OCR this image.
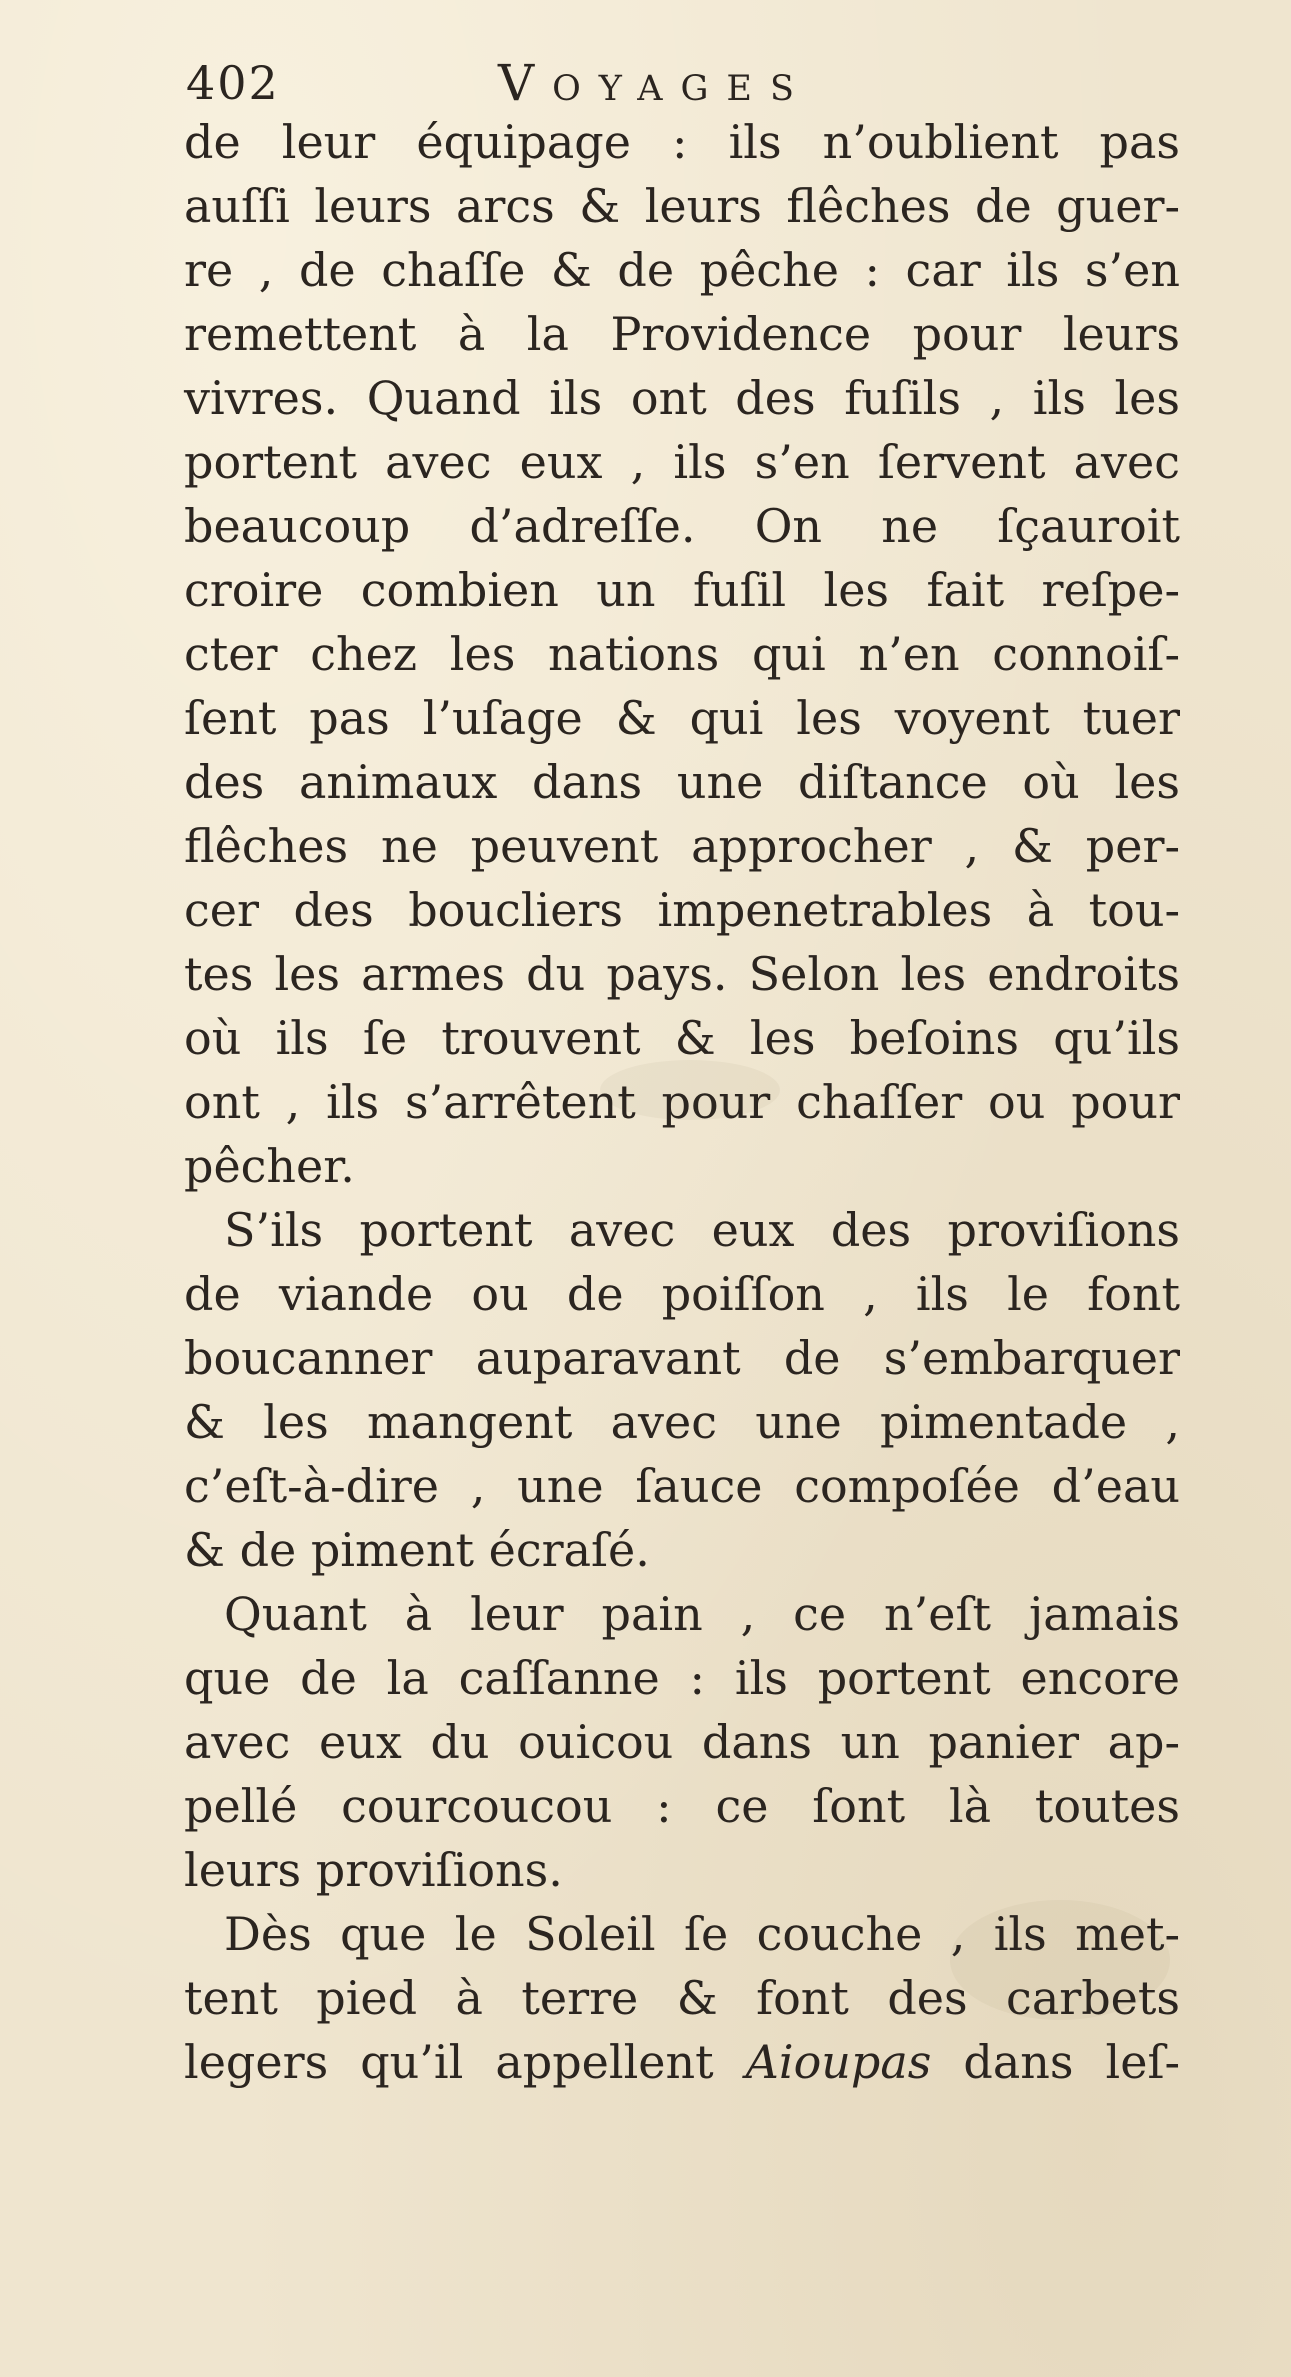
402	Voyages
de leur équipage : ils n’oublient pas
auſſi leurs arcs & leurs flêches de guer-
re , de chaſſe & de pêche : car ils s’en
remettent à la Providence pour leurs
vivres. Quand ils ont des fuſils , ils les
portent avec eux , ils s’en ſervent avec
beaucoup d’adreſſe. On ne ſçauroit
croire combien un fuſil les fait reſpe-
cter chez les nations qui n’en connoiſ-
ſent pas l’uſage & qui les voyent tuer
des animaux dans une diſtance où les
flêches ne peuvent approcher , & per-
cer des boucliers impenetrables à tou-
tes les armes du pays. Selon les endroits
où ils ſe trouvent & les beſoins qu’ils
ont , ils s’arrêtent pour chaſſer ou pour
pêcher.
S’ils portent avec eux des proviſions
de viande ou de poiſſon , ils le font
boucanner auparavant de s’embarquer
& les mangent avec une pimentade ,
c’eſt-à-dire , une ſauce compoſée d’eau
& de piment écraſé.
Quant à leur pain , ce n’eſt jamais
que de la caſſanne : ils portent encore
avec eux du ouicou dans un panier ap-
pellé courcoucou : ce ſont là toutes
leurs proviſions.
Dès que le Soleil ſe couche , ils met-
tent pied à terre & font des carbets
legers qu’il appellent Aioupas dans leſ-
